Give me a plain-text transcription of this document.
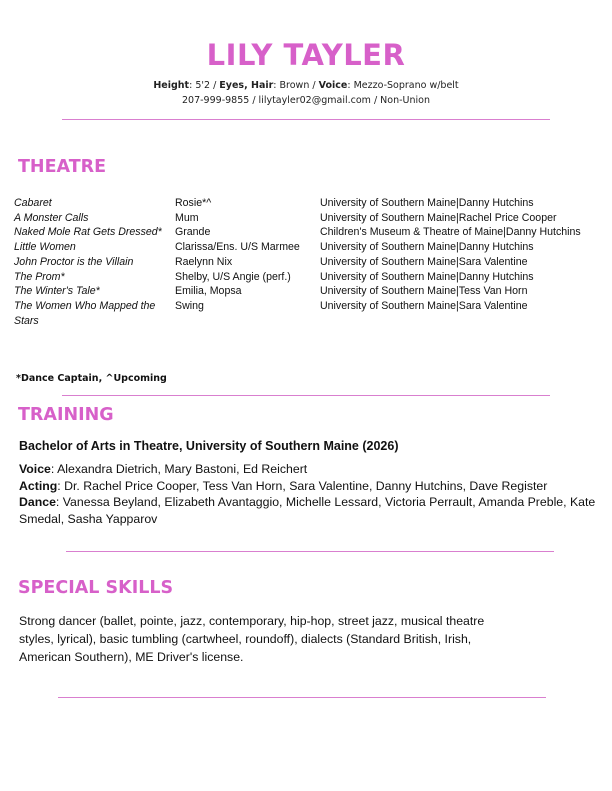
LILY TAYLER
Height: 5'2 / Eyes, Hair: Brown / Voice: Mezzo-Soprano w/belt
207-999-9855 / lilytayler02@gmail.com / Non-Union
THEATRE
Cabaret
A Monster Calls
Naked Mole Rat Gets Dressed*
Little Women
John Proctor is the Villain
The Prom*
The Winter's Tale*
The Women Who Mapped the Stars
Rosie*^
Mum
Grande
Clarissa/Ens. U/S Marmee
Raelynn Nix
Shelby, U/S Angie (perf.)
Emilia, Mopsa
Swing
University of Southern Maine|Danny Hutchins
University of Southern Maine|Rachel Price Cooper
Children's Museum & Theatre of Maine|Danny Hutchins
University of Southern Maine|Danny Hutchins
University of Southern Maine|Sara Valentine
University of Southern Maine|Danny Hutchins
University of Southern Maine|Tess Van Horn
University of Southern Maine|Sara Valentine
*Dance Captain, ^Upcoming
TRAINING
Bachelor of Arts in Theatre, University of Southern Maine (2026)
Voice: Alexandra Dietrich, Mary Bastoni, Ed Reichert
Acting: Dr. Rachel Price Cooper, Tess Van Horn, Sara Valentine, Danny Hutchins, Dave Register
Dance: Vanessa Beyland, Elizabeth Avantaggio, Michelle Lessard, Victoria Perrault, Amanda Preble, Kate Smedal, Sasha Yapparov
SPECIAL SKILLS
Strong dancer (ballet, pointe, jazz, contemporary, hip-hop, street jazz, musical theatre styles, lyrical), basic tumbling (cartwheel, roundoff), dialects (Standard British, Irish, American Southern), ME Driver's license.
